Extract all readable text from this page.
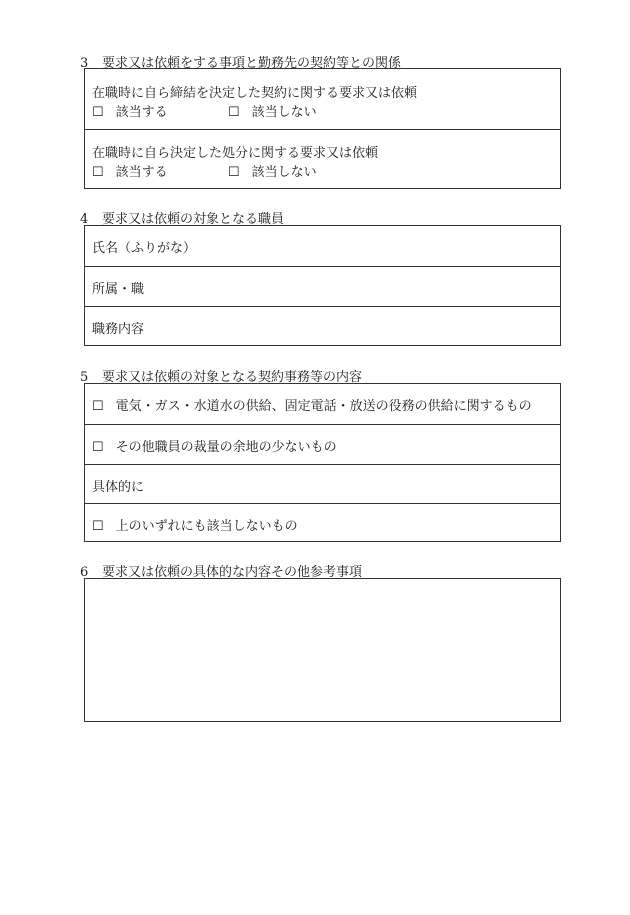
3 要求又は依頼をする事項と勤務先の契約等との関係
在職時に自ら締結を決定した契約に関する要求又は依頼
☐ 該当する	☐ 該当しない
在職時に自ら決定した処分に関する要求又は依頼
☐ 該当する	☐ 該当しない
4 要求又は依頼の対象となる職員
氏名（ふりがな）
所属・職
職務内容
5 要求又は依頼の対象となる契約事務等の内容
☐ 電気・ガス・水道水の供給、固定電話・放送の役務の供給に関するもの
☐ その他職員の裁量の余地の少ないもの
具体的に
☐ 上のいずれにも該当しないもの
6 要求又は依頼の具体的な内容その他参考事項
